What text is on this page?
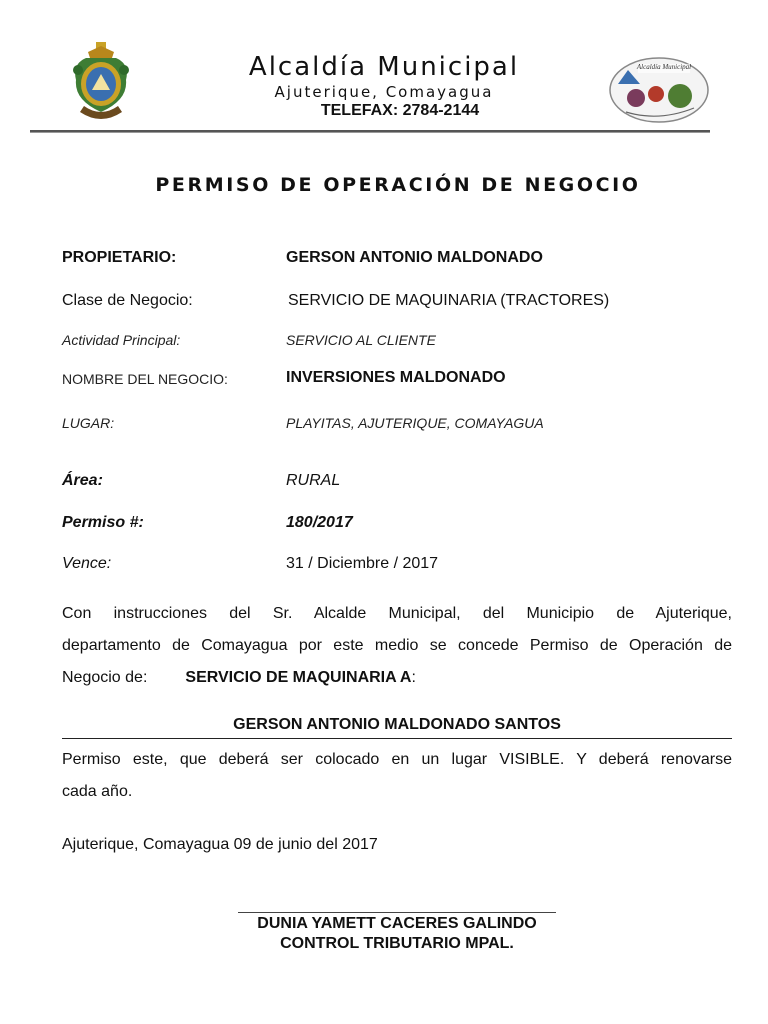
Alcaldía Municipal
Ajuterique, Comayagua
TELEFAX: 2784-2144
Alcaldía Municipal
PERMISO DE OPERACIÓN DE NEGOCIO
PROPIETARIO:	GERSON ANTONIO MALDONADO
Clase de Negocio:	SERVICIO DE MAQUINARIA (TRACTORES)
Actividad Principal:	SERVICIO AL CLIENTE
NOMBRE DEL NEGOCIO:	INVERSIONES MALDONADO
LUGAR:	PLAYITAS, AJUTERIQUE, COMAYAGUA
Área:	RURAL
Permiso #:	180/2017
Vence:	31 / Diciembre / 2017
Con instrucciones del Sr. Alcalde Municipal, del Municipio de Ajuterique,
departamento de Comayagua por este medio se concede Permiso de Operación de
Negocio de: SERVICIO DE MAQUINARIA A:
GERSON ANTONIO MALDONADO SANTOS
Permiso este, que deberá ser colocado en un lugar VISIBLE. Y deberá renovarse
cada año.
Ajuterique, Comayagua 09 de junio del 2017
DUNIA YAMETT CACERES GALINDO
CONTROL TRIBUTARIO MPAL.
